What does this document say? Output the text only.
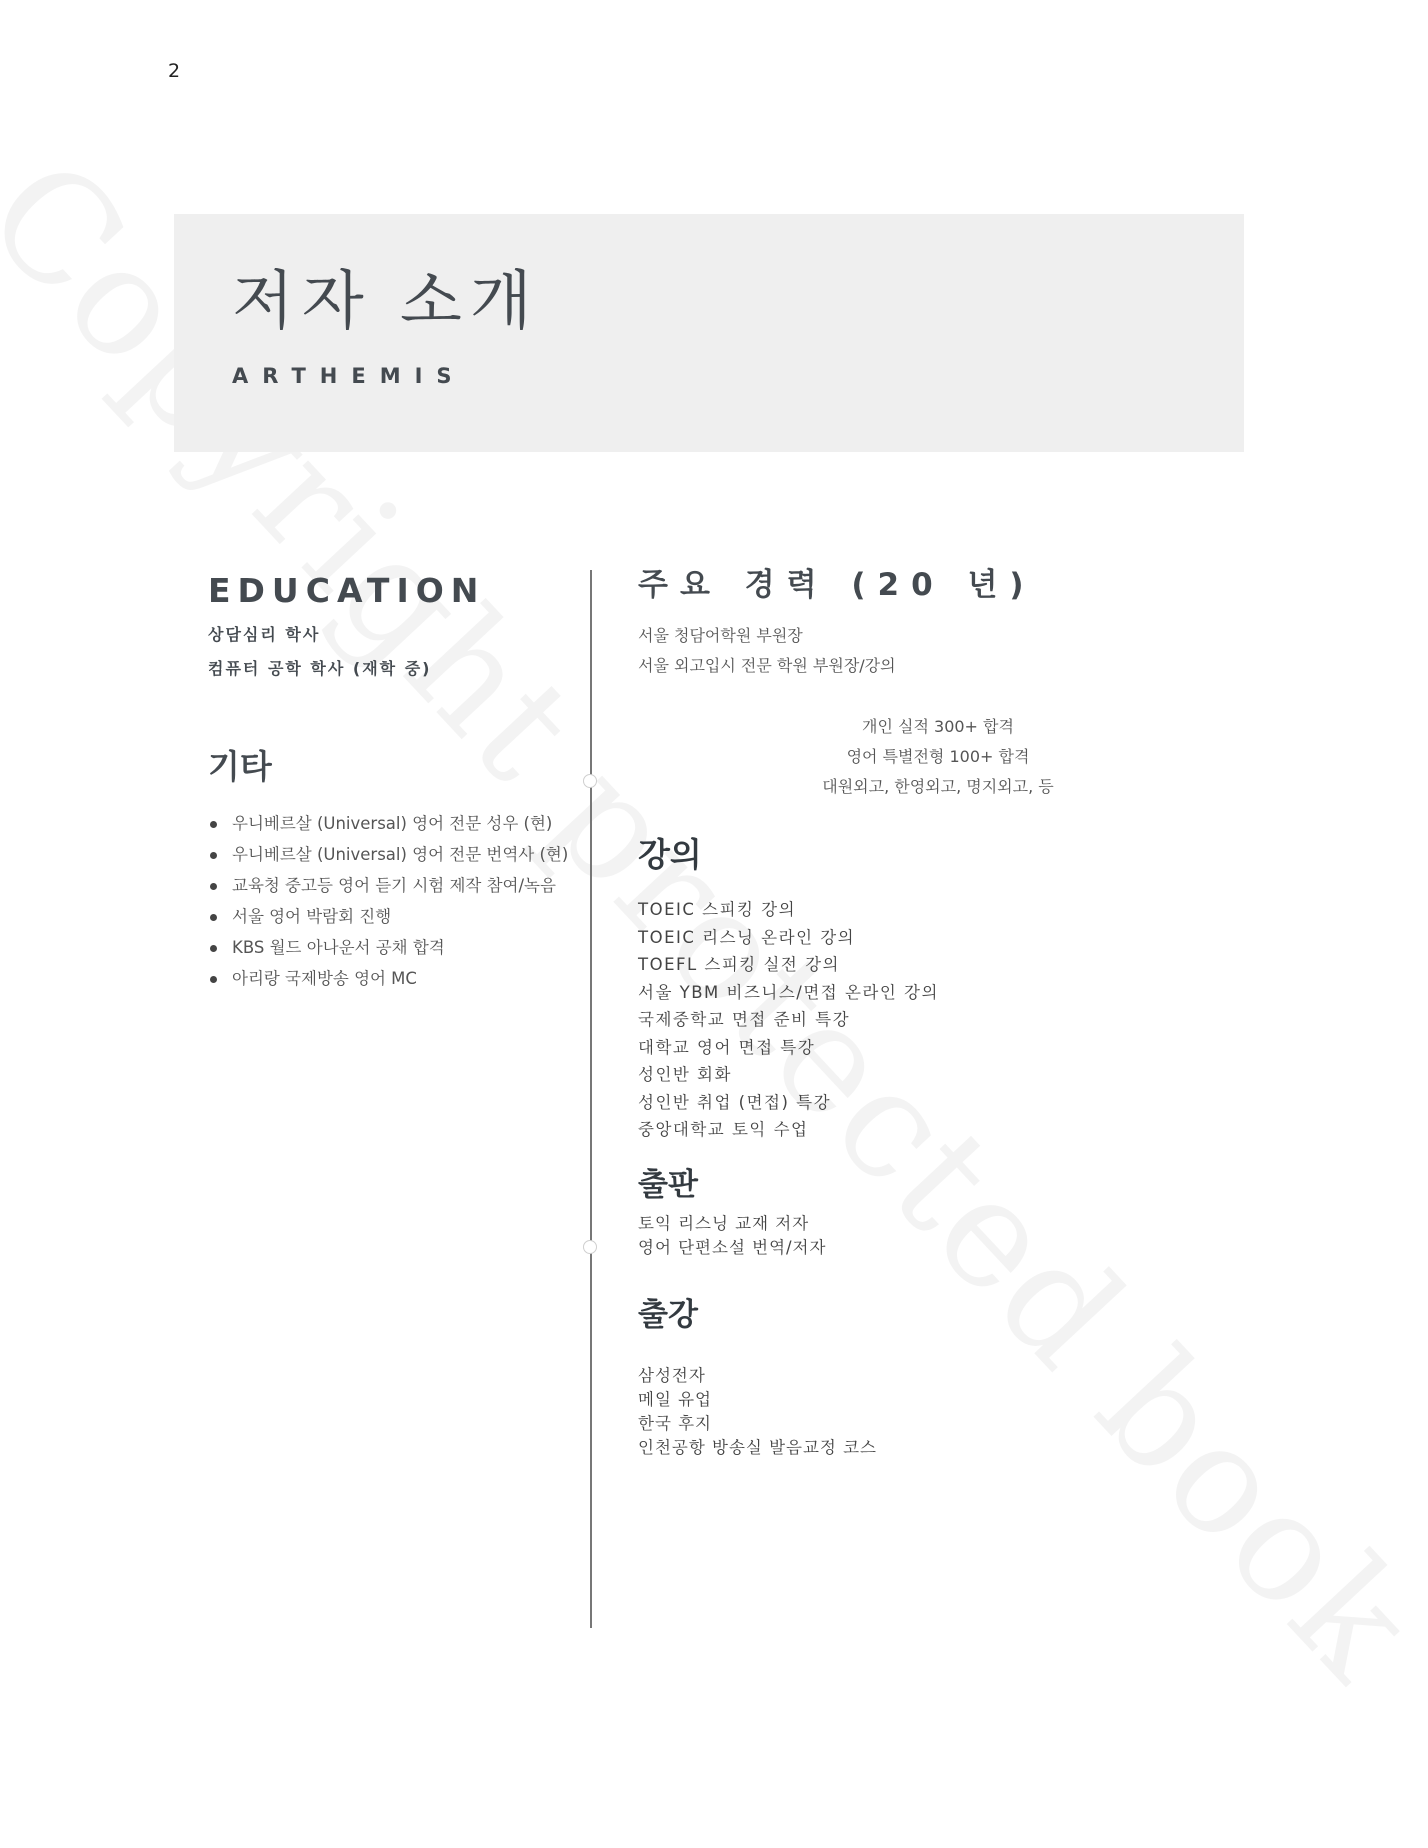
2
저자 소개
ARTHEMIS
EDUCATION
상담심리 학사
컴퓨터 공학 학사 (재학 중)
기타
우니베르살 (Universal) 영어 전문 성우 (현)
우니베르살 (Universal) 영어 전문 번역사 (현)
교육청 중고등 영어 듣기 시험 제작 참여/녹음
서울 영어 박람회 진행
KBS 월드 아나운서 공채 합격
아리랑 국제방송 영어 MC
주요 경력 (20 년)
서울 청담어학원 부원장
서울 외고입시 전문 학원 부원장/강의
개인 실적 300+ 합격
영어 특별전형 100+ 합격
대원외고, 한영외고, 명지외고, 등
강의
TOEIC 스피킹 강의
TOEIC 리스닝 온라인 강의
TOEFL 스피킹 실전 강의
서울 YBM 비즈니스/면접 온라인 강의
국제중학교 면접 준비 특강
대학교 영어 면접 특강
성인반 회화
성인반 취업 (면접) 특강
중앙대학교 토익 수업
출판
토익 리스닝 교재 저자
영어 단편소설 번역/저자
출강
삼성전자
메일 유업
한국 후지
인천공항 방송실 발음교정 코스
